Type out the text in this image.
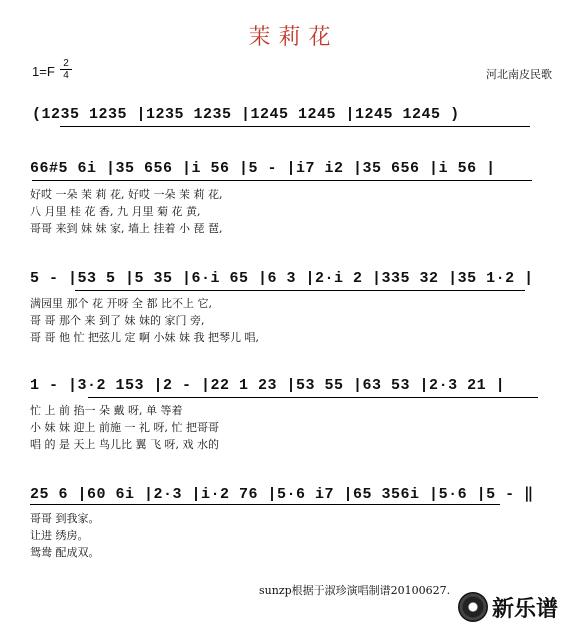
茉莉花
1=F
2
4	河北南皮民歌
(1235 1235 |1235 1235 |1245 1245 |1245 1245 )
66#5 6i |35 656 |i 56 |5 - |i7 i2 |35 656 |i 56 |
好哎 一朵 茉 莉 花, 好哎 一朵 茉 莉 花,
八 月里 桂 花 香, 九 月里 菊 花 黄,
哥哥 来到 妹 妹 家, 墙上 挂着 小 琵 琶,
5 - |53 5 |5 35 |6·i 65 |6 3 |2·i 2 |335 32 |35 1·2 |
满园里 那个 花 开呀 全 都 比不上 它,
哥 哥 那个 来 到了 妹 妹的 家门 旁,
哥 哥 他 忙 把弦儿 定 啊 小妹 妹 我 把琴儿 唱,
1 - |3·2 153 |2 - |22 1 23 |53 55 |63 53 |2·3 21 |
忙 上 前 掐一 朵 戴 呀, 单 等着
小 妹 妹 迎上 前施 一 礼 呀, 忙 把哥哥
唱 的 是 天上 鸟儿比 翼 飞 呀, 戏 水的
25 6 |60 6i |2·3 |i·2 76 |5·6 i7 |65 356i |5·6 |5 - ‖
哥哥 到我家。
让进 绣房。
鸳鸯 配成双。
sunzp根据于淑珍演唱制谱20100627.
新乐谱
